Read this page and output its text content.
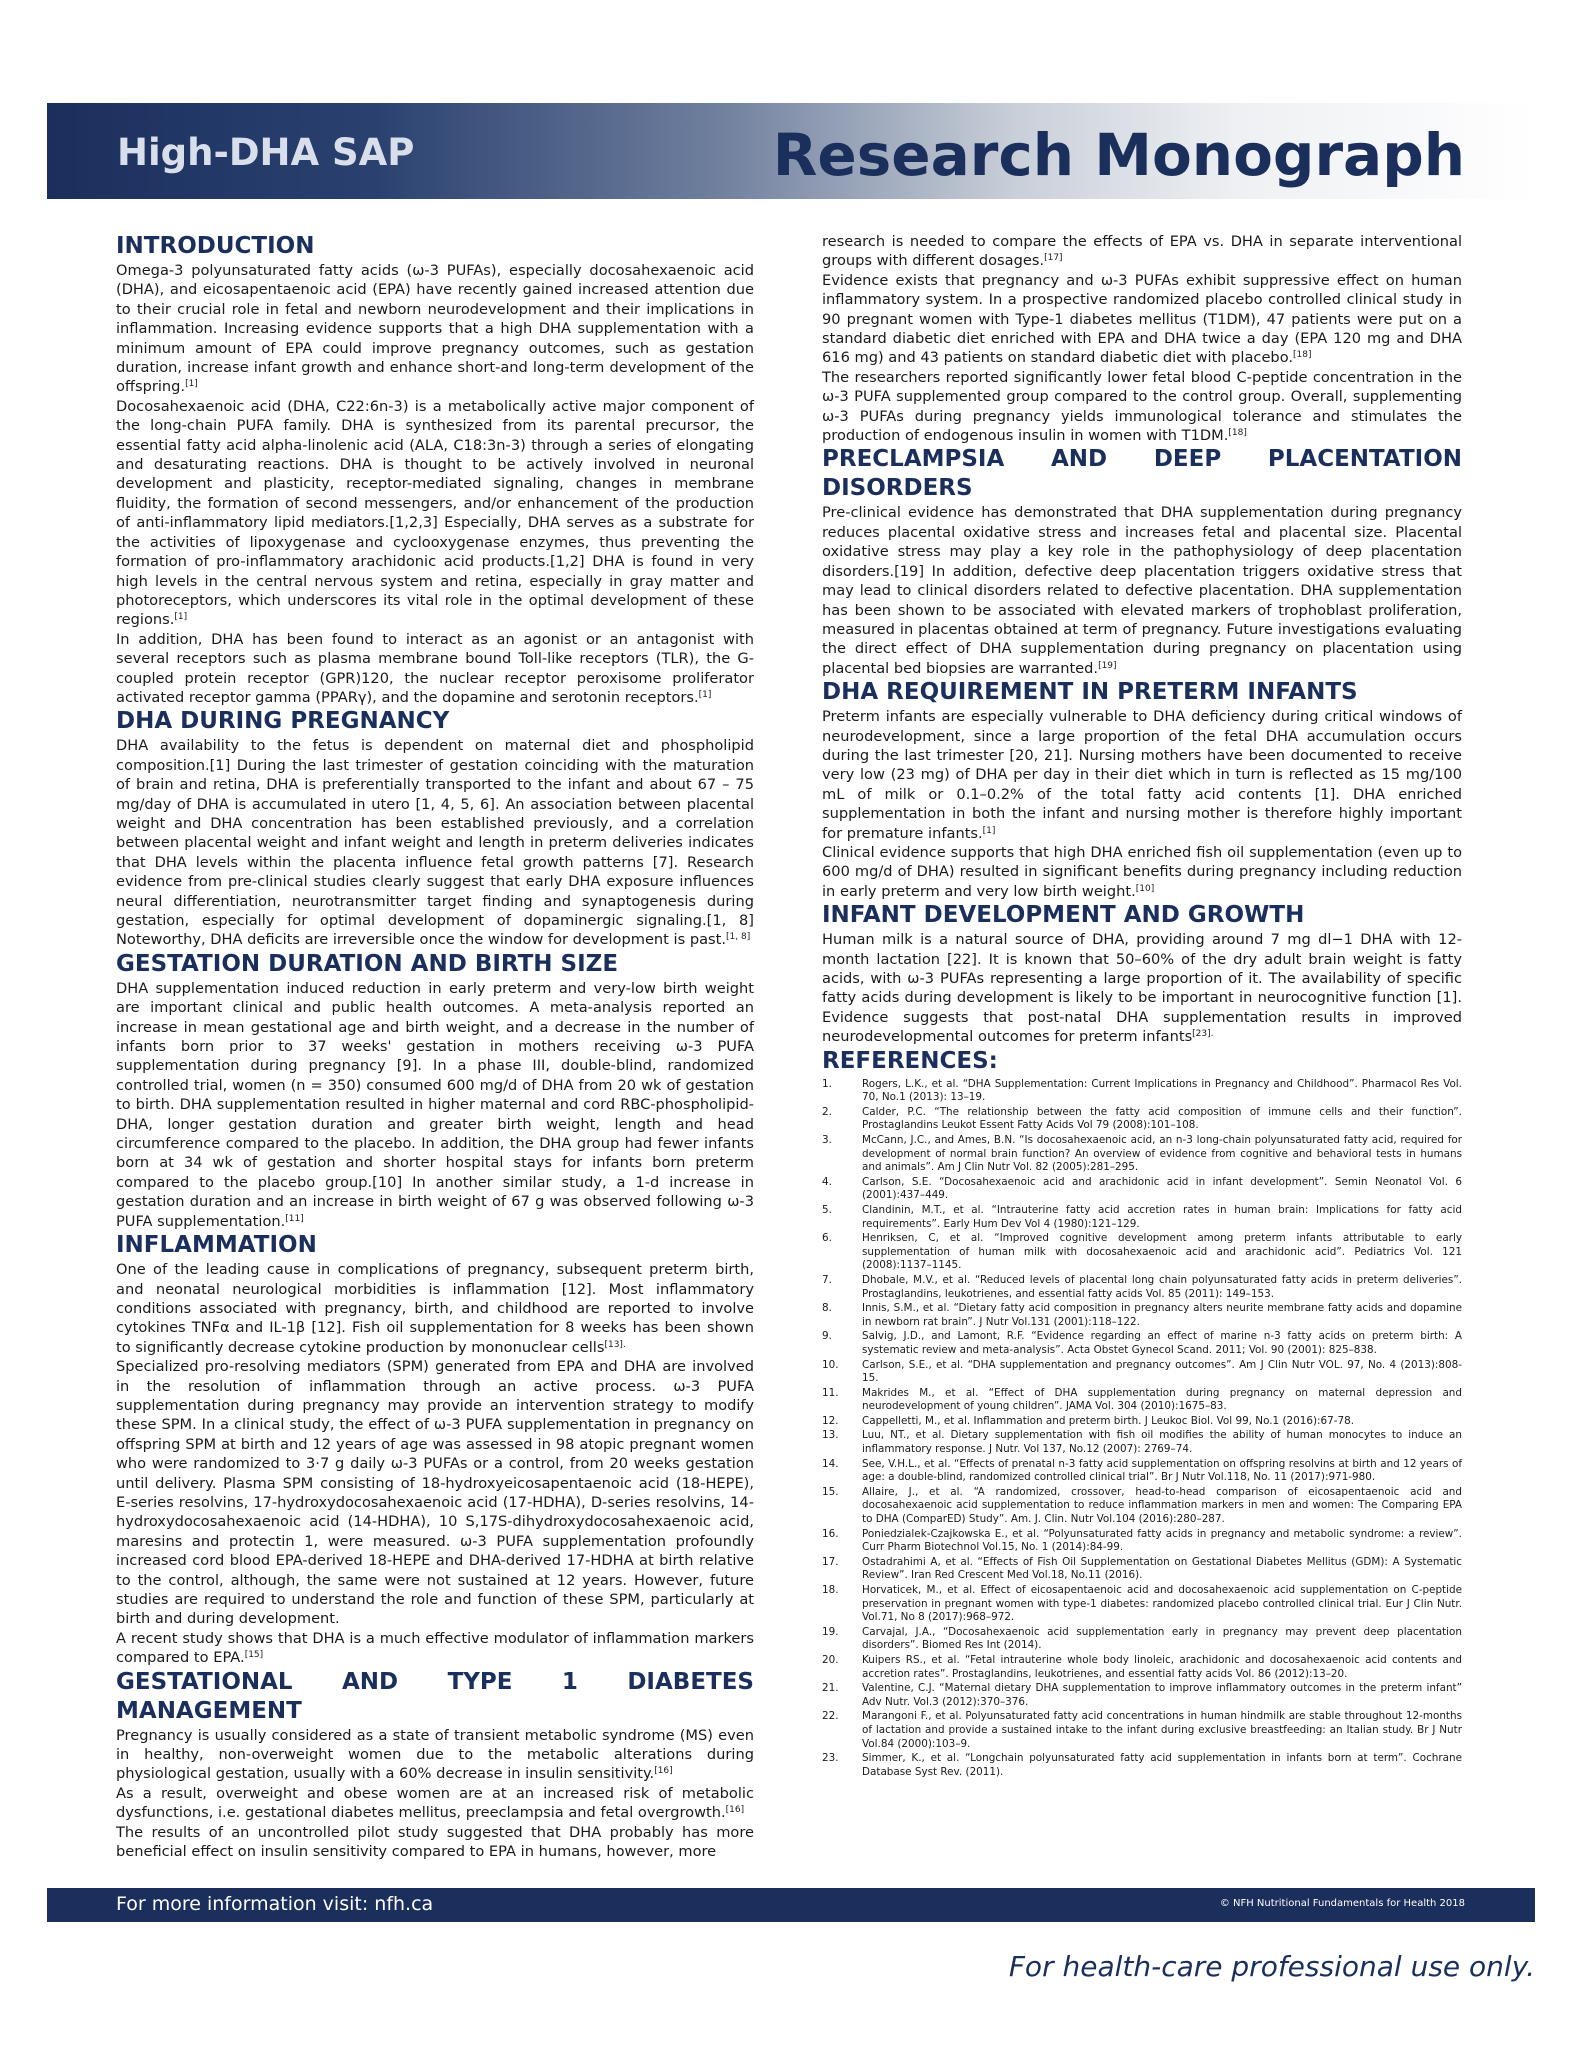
High-DHA SAP	Research Monograph
INTRODUCTION

Omega-3 polyunsaturated fatty acids (ω-3 PUFAs), especially docosahexaenoic acid (DHA), and eicosapentaenoic acid (EPA) have recently gained increased attention due to their crucial role in fetal and newborn neurodevelopment and their implications in inflammation. Increasing evidence supports that a high DHA supplementation with a minimum amount of EPA could improve pregnancy outcomes, such as gestation duration, increase infant growth and enhance short-and long-term development of the offspring.[1]

Docosahexaenoic acid (DHA, C22:6n-3) is a metabolically active major component of the long-chain PUFA family. DHA is synthesized from its parental precursor, the essential fatty acid alpha-linolenic acid (ALA, C18:3n-3) through a series of elongating and desaturating reactions. DHA is thought to be actively involved in neuronal development and plasticity, receptor-mediated signaling, changes in membrane fluidity, the formation of second messengers, and/or enhancement of the production of anti-inflammatory lipid mediators.[1,2,3] Especially, DHA serves as a substrate for the activities of lipoxygenase and cyclooxygenase enzymes, thus preventing the formation of pro-inflammatory arachidonic acid products.[1,2] DHA is found in very high levels in the central nervous system and retina, especially in gray matter and photoreceptors, which underscores its vital role in the optimal development of these regions.[1]

In addition, DHA has been found to interact as an agonist or an antagonist with several receptors such as plasma membrane bound Toll-like receptors (TLR), the G-coupled protein receptor (GPR)120, the nuclear receptor peroxisome proliferator activated receptor gamma (PPARγ), and the dopamine and serotonin receptors.[1]

DHA DURING PREGNANCY

DHA availability to the fetus is dependent on maternal diet and phospholipid composition.[1] During the last trimester of gestation coinciding with the maturation of brain and retina, DHA is preferentially transported to the infant and about 67 – 75 mg/day of DHA is accumulated in utero [1, 4, 5, 6]. An association between placental weight and DHA concentration has been established previously, and a correlation between placental weight and infant weight and length in preterm deliveries indicates that DHA levels within the placenta influence fetal growth patterns [7]. Research evidence from pre-clinical studies clearly suggest that early DHA exposure influences neural differentiation, neurotransmitter target finding and synaptogenesis during gestation, especially for optimal development of dopaminergic signaling.[1, 8] Noteworthy, DHA deficits are irreversible once the window for development is past.[1, 8]

GESTATION DURATION AND BIRTH SIZE

DHA supplementation induced reduction in early preterm and very-low birth weight are important clinical and public health outcomes. A meta-analysis reported an increase in mean gestational age and birth weight, and a decrease in the number of infants born prior to 37 weeks' gestation in mothers receiving ω-3 PUFA supplementation during pregnancy [9]. In a phase III, double-blind, randomized controlled trial, women (n = 350) consumed 600 mg/d of DHA from 20 wk of gestation to birth. DHA supplementation resulted in higher maternal and cord RBC-phospholipid-DHA, longer gestation duration and greater birth weight, length and head circumference compared to the placebo. In addition, the DHA group had fewer infants born at 34 wk of gestation and shorter hospital stays for infants born preterm compared to the placebo group.[10] In another similar study, a 1-d increase in gestation duration and an increase in birth weight of 67 g was observed following ω-3 PUFA supplementation.[11]

INFLAMMATION

One of the leading cause in complications of pregnancy, subsequent preterm birth, and neonatal neurological morbidities is inflammation [12]. Most inflammatory conditions associated with pregnancy, birth, and childhood are reported to involve cytokines TNFα and IL-1β [12]. Fish oil supplementation for 8 weeks has been shown to significantly decrease cytokine production by mononuclear cells$^{[13].}$

Specialized pro-resolving mediators (SPM) generated from EPA and DHA are involved in the resolution of inflammation through an active process. ω-3 PUFA supplementation during pregnancy may provide an intervention strategy to modify these SPM. In a clinical study, the effect of ω-3 PUFA supplementation in pregnancy on offspring SPM at birth and 12 years of age was assessed in 98 atopic pregnant women who were randomized to 3·7 g daily ω-3 PUFAs or a control, from 20 weeks gestation until delivery. Plasma SPM consisting of 18-hydroxyeicosapentaenoic acid (18-HEPE), E-series resolvins, 17-hydroxydocosahexaenoic acid (17-HDHA), D-series resolvins, 14-hydroxydocosahexaenoic acid (14-HDHA), 10 S,17S-dihydroxydocosahexaenoic acid, maresins and protectin 1, were measured. ω-3 PUFA supplementation profoundly increased cord blood EPA-derived 18-HEPE and DHA-derived 17-HDHA at birth relative to the control, although, the same were not sustained at 12 years. However, future studies are required to understand the role and function of these SPM, particularly at birth and during development.

A recent study shows that DHA is a much effective modulator of inflammation markers compared to EPA.[15]

GESTATIONAL AND TYPE 1 DIABETES MANAGEMENT

Pregnancy is usually considered as a state of transient metabolic syndrome (MS) even in healthy, non-overweight women due to the metabolic alterations during physiological gestation, usually with a 60% decrease in insulin sensitivity.[16]

As a result, overweight and obese women are at an increased risk of metabolic dysfunctions, i.e. gestational diabetes mellitus, preeclampsia and fetal overgrowth.[16]

The results of an uncontrolled pilot study suggested that DHA probably has more beneficial effect on insulin sensitivity compared to EPA in humans, however, more

research is needed to compare the effects of EPA vs. DHA in separate interventional groups with different dosages.[17]

Evidence exists that pregnancy and ω-3 PUFAs exhibit suppressive effect on human inflammatory system. In a prospective randomized placebo controlled clinical study in 90 pregnant women with Type-1 diabetes mellitus (T1DM), 47 patients were put on a standard diabetic diet enriched with EPA and DHA twice a day (EPA 120 mg and DHA 616 mg) and 43 patients on standard diabetic diet with placebo.[18]

The researchers reported significantly lower fetal blood C-peptide concentration in the ω-3 PUFA supplemented group compared to the control group. Overall, supplementing ω-3 PUFAs during pregnancy yields immunological tolerance and stimulates the production of endogenous insulin in women with T1DM.[18]

PRECLAMPSIA AND DEEP PLACENTATION DISORDERS

Pre-clinical evidence has demonstrated that DHA supplementation during pregnancy reduces placental oxidative stress and increases fetal and placental size. Placental oxidative stress may play a key role in the pathophysiology of deep placentation disorders.[19] In addition, defective deep placentation triggers oxidative stress that may lead to clinical disorders related to defective placentation. DHA supplementation has been shown to be associated with elevated markers of trophoblast proliferation, measured in placentas obtained at term of pregnancy. Future investigations evaluating the direct effect of DHA supplementation during pregnancy on placentation using placental bed biopsies are warranted.[19]

DHA REQUIREMENT IN PRETERM INFANTS

Preterm infants are especially vulnerable to DHA deficiency during critical windows of neurodevelopment, since a large proportion of the fetal DHA accumulation occurs during the last trimester [20, 21]. Nursing mothers have been documented to receive very low (23 mg) of DHA per day in their diet which in turn is reflected as 15 mg/100 mL of milk or 0.1–0.2% of the total fatty acid contents [1]. DHA enriched supplementation in both the infant and nursing mother is therefore highly important for premature infants.[1]

Clinical evidence supports that high DHA enriched fish oil supplementation (even up to 600 mg/d of DHA) resulted in significant benefits during pregnancy including reduction in early preterm and very low birth weight.[10]

INFANT DEVELOPMENT AND GROWTH

Human milk is a natural source of DHA, providing around 7 mg dl−1 DHA with 12-month lactation [22]. It is known that 50–60% of the dry adult brain weight is fatty acids, with ω-3 PUFAs representing a large proportion of it. The availability of specific fatty acids during development is likely to be important in neurocognitive function [1]. Evidence suggests that post-natal DHA supplementation results in improved neurodevelopmental outcomes for preterm infants$^{[23].}$

REFERENCES:
1.	Rogers, L.K., et al. “DHA Supplementation: Current Implications in Pregnancy and Childhood”. Pharmacol Res Vol. 70, No.1 (2013): 13–19.
2.	Calder, P.C. “The relationship between the fatty acid composition of immune cells and their function”. Prostaglandins Leukot Essent Fatty Acids Vol 79 (2008):101–108.
3.	McCann, J.C., and Ames, B.N. “Is docosahexaenoic acid, an n-3 long-chain polyunsaturated fatty acid, required for development of normal brain function? An overview of evidence from cognitive and behavioral tests in humans and animals”. Am J Clin Nutr Vol. 82 (2005):281–295.
4.	Carlson, S.E. “Docosahexaenoic acid and arachidonic acid in infant development”. Semin Neonatol Vol. 6 (2001):437–449.
5.	Clandinin, M.T., et al. “Intrauterine fatty acid accretion rates in human brain: Implications for fatty acid requirements”. Early Hum Dev Vol 4 (1980):121–129.
6.	Henriksen, C, et al. “Improved cognitive development among preterm infants attributable to early supplementation of human milk with docosahexaenoic acid and arachidonic acid”. Pediatrics Vol. 121 (2008):1137–1145.
7.	Dhobale, M.V., et al. “Reduced levels of placental long chain polyunsaturated fatty acids in preterm deliveries”. Prostaglandins, leukotrienes, and essential fatty acids Vol. 85 (2011): 149–153.
8.	Innis, S.M., et al. “Dietary fatty acid composition in pregnancy alters neurite membrane fatty acids and dopamine in newborn rat brain”. J Nutr Vol.131 (2001):118–122.
9.	Salvig, J.D., and Lamont, R.F. “Evidence regarding an effect of marine n-3 fatty acids on preterm birth: A systematic review and meta-analysis”. Acta Obstet Gynecol Scand. 2011; Vol. 90 (2001): 825–838.
10. Carlson, S.E., et al. “DHA supplementation and pregnancy outcomes”. Am J Clin Nutr VOL. 97, No. 4 (2013):808-15.
11. Makrides M., et al. “Effect of DHA supplementation during pregnancy on maternal depression and neurodevelopment of young children”. JAMA Vol. 304 (2010):1675–83.
12. Cappelletti, M., et al. Inflammation and preterm birth. J Leukoc Biol. Vol 99, No.1 (2016):67-78.
13. Luu, NT., et al. Dietary supplementation with fish oil modifies the ability of human monocytes to induce an inflammatory response. J Nutr. Vol 137, No.12 (2007): 2769–74.
14. See, V.H.L., et al. “Effects of prenatal n-3 fatty acid supplementation on offspring resolvins at birth and 12 years of age: a double-blind, randomized controlled clinical trial”. Br J Nutr Vol.118, No. 11 (2017):971-980.
15. Allaire, J., et al. “A randomized, crossover, head-to-head comparison of eicosapentaenoic acid and docosahexaenoic acid supplementation to reduce inflammation markers in men and women: The Comparing EPA to DHA (ComparED) Study”. Am. J. Clin. Nutr Vol.104 (2016):280–287.
16. Poniedzialek-Czajkowska E., et al. “Polyunsaturated fatty acids in pregnancy and metabolic syndrome: a review”. Curr Pharm Biotechnol Vol.15, No. 1 (2014):84-99.
17. Ostadrahimi A, et al. “Effects of Fish Oil Supplementation on Gestational Diabetes Mellitus (GDM): A Systematic Review”. Iran Red Crescent Med Vol.18, No.11 (2016).
18. Horvaticek, M., et al. Effect of eicosapentaenoic acid and docosahexaenoic acid supplementation on C-peptide preservation in pregnant women with type-1 diabetes: randomized placebo controlled clinical trial. Eur J Clin Nutr. Vol.71, No 8 (2017):968–972.
19. Carvajal, J.A., “Docosahexaenoic acid supplementation early in pregnancy may prevent deep placentation disorders”. Biomed Res Int (2014).
20. Kuipers RS., et al. “Fetal intrauterine whole body linoleic, arachidonic and docosahexaenoic acid contents and accretion rates”. Prostaglandins, leukotrienes, and essential fatty acids Vol. 86 (2012):13–20.
21. Valentine, C.J. “Maternal dietary DHA supplementation to improve inflammatory outcomes in the preterm infant” Adv Nutr. Vol.3 (2012):370–376.
22. Marangoni F., et al. Polyunsaturated fatty acid concentrations in human hindmilk are stable throughout 12-months of lactation and provide a sustained intake to the infant during exclusive breastfeeding: an Italian study. Br J Nutr Vol.84 (2000):103–9.
23. Simmer, K., et al. “Longchain polyunsaturated fatty acid supplementation in infants born at term”. Cochrane Database Syst Rev. (2011).
For more information visit: nfh.ca	© NFH Nutritional Fundamentals for Health 2018
For health-care professional use only.
